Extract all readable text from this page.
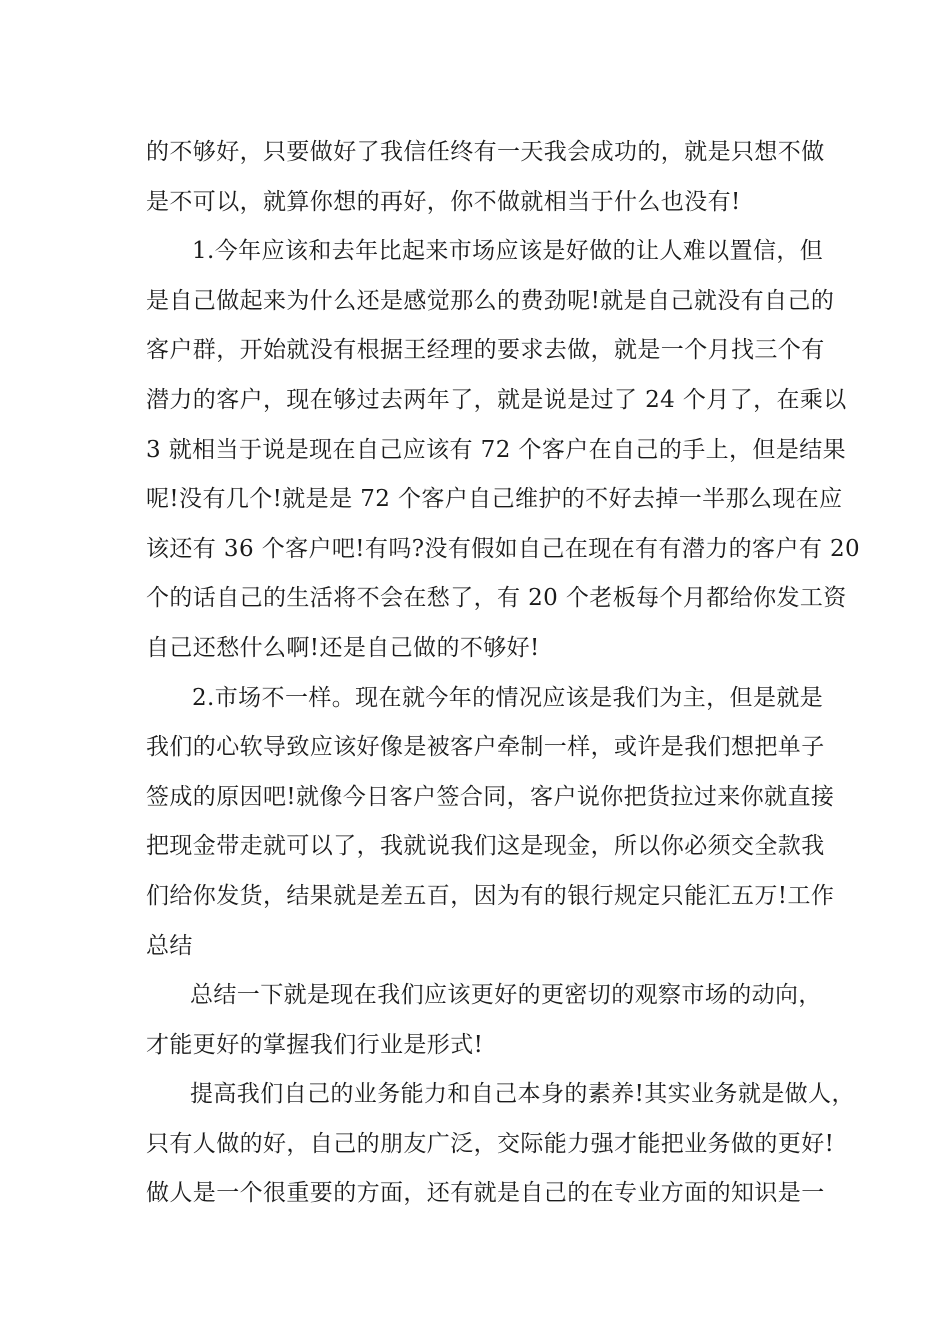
的不够好，只要做好了我信任终有一天我会成功的，就是只想不做
是不可以，就算你想的再好，你不做就相当于什么也没有!
1.今年应该和去年比起来市场应该是好做的让人难以置信，但
是自己做起来为什么还是感觉那么的费劲呢!就是自己就没有自己的
客户群，开始就没有根据王经理的要求去做，就是一个月找三个有
潜力的客户，现在够过去两年了，就是说是过了 24 个月了，在乘以
3 就相当于说是现在自己应该有 72 个客户在自己的手上，但是结果
呢!没有几个!就是是 72 个客户自己维护的不好去掉一半那么现在应
该还有 36 个客户吧!有吗?没有假如自己在现在有有潜力的客户有 20
个的话自己的生活将不会在愁了，有 20 个老板每个月都给你发工资
自己还愁什么啊!还是自己做的不够好!
2.市场不一样。现在就今年的情况应该是我们为主，但是就是
我们的心软导致应该好像是被客户牵制一样，或许是我们想把单子
签成的原因吧!就像今日客户签合同，客户说你把货拉过来你就直接
把现金带走就可以了，我就说我们这是现金，所以你必须交全款我
们给你发货，结果就是差五百，因为有的银行规定只能汇五万!工作
总结
总结一下就是现在我们应该更好的更密切的观察市场的动向，
才能更好的掌握我们行业是形式!
提高我们自己的业务能力和自己本身的素养!其实业务就是做人，
只有人做的好，自己的朋友广泛，交际能力强才能把业务做的更好!
做人是一个很重要的方面，还有就是自己的在专业方面的知识是一
